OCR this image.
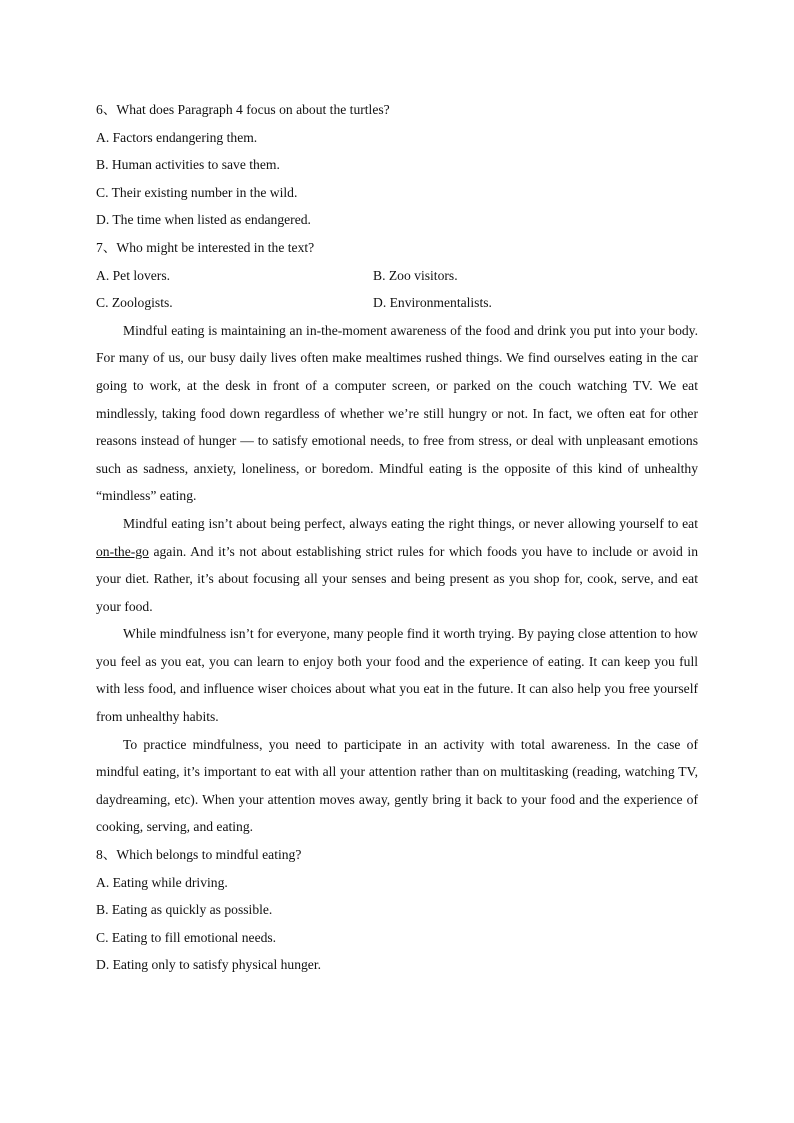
6、What does Paragraph 4 focus on about the turtles?

A. Factors endangering them.

B. Human activities to save them.

C. Their existing number in the wild.

D. The time when listed as endangered.

7、Who might be interested in the text?

A. Pet lovers.	B. Zoo visitors.

C. Zoologists.	D. Environmentalists.

Mindful eating is maintaining an in-the-moment awareness of the food and drink you put into your body. For many of us, our busy daily lives often make mealtimes rushed things. We find ourselves eating in the car going to work, at the desk in front of a computer screen, or parked on the couch watching TV. We eat mindlessly, taking food down regardless of whether we’re still hungry or not. In fact, we often eat for other reasons instead of hunger — to satisfy emotional needs, to free from stress, or deal with unpleasant emotions such as sadness, anxiety, loneliness, or boredom. Mindful eating is the opposite of this kind of unhealthy “mindless” eating.

Mindful eating isn’t about being perfect, always eating the right things, or never allowing yourself to eat on-the-go again. And it’s not about establishing strict rules for which foods you have to include or avoid in your diet. Rather, it’s about focusing all your senses and being present as you shop for, cook, serve, and eat your food.

While mindfulness isn’t for everyone, many people find it worth trying. By paying close attention to how you feel as you eat, you can learn to enjoy both your food and the experience of eating. It can keep you full with less food, and influence wiser choices about what you eat in the future. It can also help you free yourself from unhealthy habits.

To practice mindfulness, you need to participate in an activity with total awareness. In the case of mindful eating, it’s important to eat with all your attention rather than on multitasking (reading, watching TV, daydreaming, etc). When your attention moves away, gently bring it back to your food and the experience of cooking, serving, and eating.

8、Which belongs to mindful eating?

A. Eating while driving.

B. Eating as quickly as possible.

C. Eating to fill emotional needs.

D. Eating only to satisfy physical hunger.
